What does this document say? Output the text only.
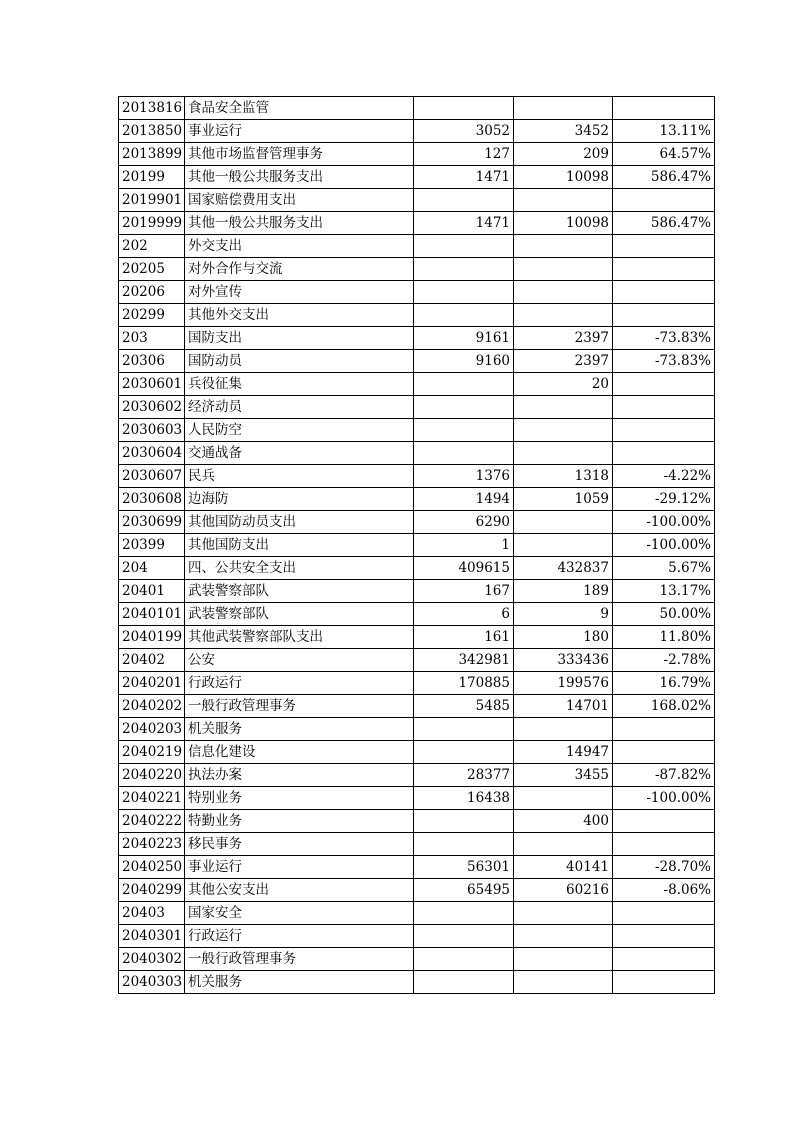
2013816	食品安全监管			
2013850	事业运行	3052	3452	13.11%
2013899	其他市场监督管理事务	127	209	64.57%
20199	其他一般公共服务支出	1471	10098	586.47%
2019901	国家赔偿费用支出			
2019999	其他一般公共服务支出	1471	10098	586.47%
202	外交支出			
20205	对外合作与交流			
20206	对外宣传			
20299	其他外交支出			
203	国防支出	9161	2397	-73.83%
20306	国防动员	9160	2397	-73.83%
2030601	兵役征集		20	
2030602	经济动员			
2030603	人民防空			
2030604	交通战备			
2030607	民兵	1376	1318	-4.22%
2030608	边海防	1494	1059	-29.12%
2030699	其他国防动员支出	6290		-100.00%
20399	其他国防支出	1		-100.00%
204	四、公共安全支出	409615	432837	5.67%
20401	武装警察部队	167	189	13.17%
2040101	武装警察部队	6	9	50.00%
2040199	其他武装警察部队支出	161	180	11.80%
20402	公安	342981	333436	-2.78%
2040201	行政运行	170885	199576	16.79%
2040202	一般行政管理事务	5485	14701	168.02%
2040203	机关服务			
2040219	信息化建设		14947	
2040220	执法办案	28377	3455	-87.82%
2040221	特别业务	16438		-100.00%
2040222	特勤业务		400	
2040223	移民事务			
2040250	事业运行	56301	40141	-28.70%
2040299	其他公安支出	65495	60216	-8.06%
20403	国家安全			
2040301	行政运行			
2040302	一般行政管理事务			
2040303	机关服务			
